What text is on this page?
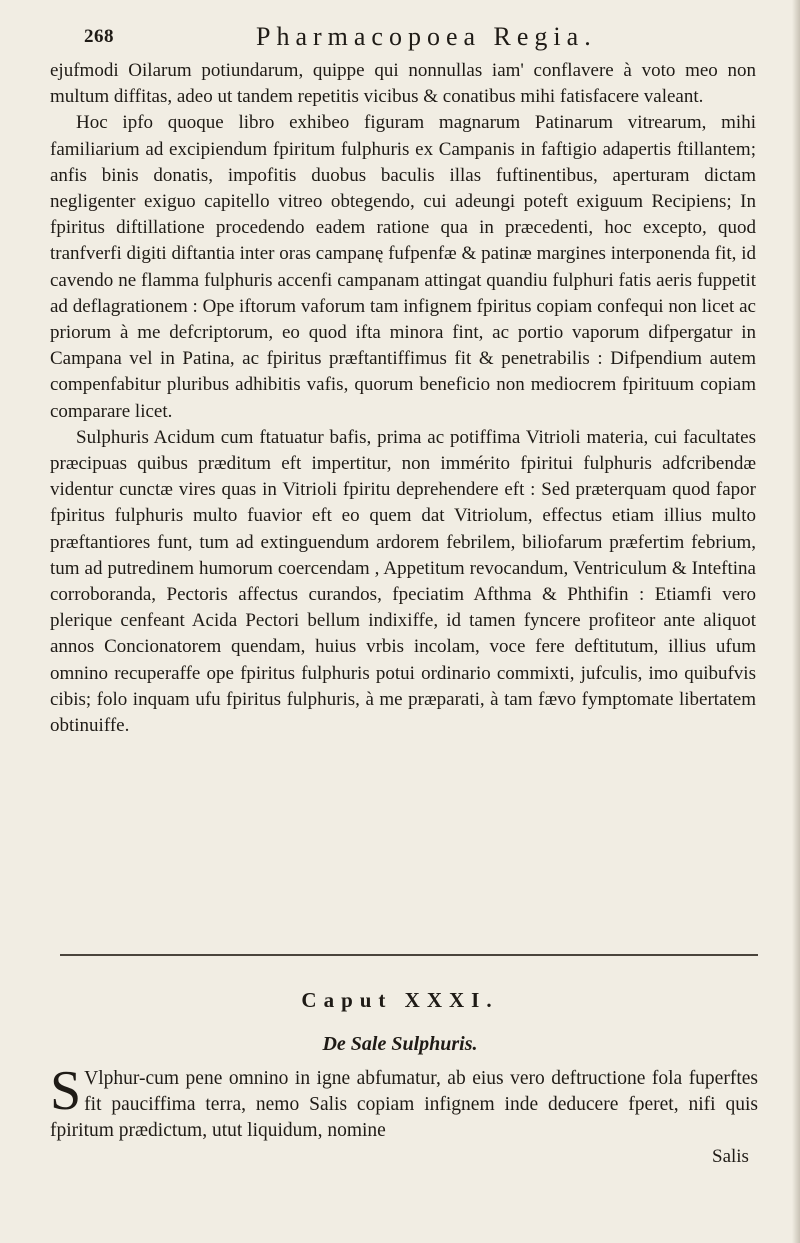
268	Pharmacopoea Regia.

ejufmodi Oilarum potiundarum, quippe qui nonnullas iam' conflavere à voto meo non multum diffitas, adeo ut tandem repetitis vicibus & conatibus mihi fatisfacere valeant.

Hoc ipfo quoque libro exhibeo figuram magnarum Patinarum vitrearum, mihi familiarium ad excipiendum fpiritum fulphuris ex Campanis in faftigio adapertis ftillantem; anfis binis donatis, impofitis duobus baculis illas fuftinentibus, aperturam dictam negligenter exiguo capitello vitreo obtegendo, cui adeungi poteft exiguum Recipiens; In fpiritus diftillatione procedendo eadem ratione qua in præcedenti, hoc excepto, quod tranfverfi digiti diftantia inter oras campanę fufpenfæ & patinæ margines interponenda fit, id cavendo ne flamma fulphuris accenfi campanam attingat quandiu fulphuri fatis aeris fuppetit ad deflagrationem : Ope iftorum vaforum tam infignem fpiritus copiam confequi non licet ac priorum à me defcriptorum, eo quod ifta minora fint, ac portio vaporum difpergatur in Campana vel in Patina, ac fpiritus præftantiffimus fit & penetrabilis : Difpendium autem compenfabitur pluribus adhibitis vafis, quorum beneficio non mediocrem fpirituum copiam comparare licet.

Sulphuris Acidum cum ftatuatur bafis, prima ac potiffima Vitrioli materia, cui facultates præcipuas quibus præditum eft impertitur, non immérito fpiritui fulphuris adfcribendæ videntur cunctæ vires quas in Vitrioli fpiritu deprehendere eft : Sed præterquam quod fapor fpiritus fulphuris multo fuavior eft eo quem dat Vitriolum, effectus etiam illius multo præftantiores funt, tum ad extinguendum ardorem febrilem, biliofarum præfertim febrium, tum ad putredinem humorum coercendam , Appetitum revocandum, Ventriculum & Inteftina corroboranda, Pectoris affectus curandos, fpeciatim Afthma & Phthifin : Etiamfi vero plerique cenfeant Acida Pectori bellum indixiffe, id tamen fyncere profiteor ante aliquot annos Concionatorem quendam, huius vrbis incolam, voce fere deftitutum, illius ufum omnino recuperaffe ope fpiritus fulphuris potui ordinario commixti, jufculis, imo quibufvis cibis; folo inquam ufu fpiritus fulphuris, à me præparati, à tam fævo fymptomate libertatem obtinuiffe.

Caput XXXI.
De Sale Sulphuris.
S Vlphur-cum pene omnino in igne abfumatur, ab eius vero deftructione fola fuperftes fit pauciffima terra, nemo Salis copiam infignem inde deducere fperet, nifi quis fpiritum prædictum, utut liquidum, nomine
Salis
